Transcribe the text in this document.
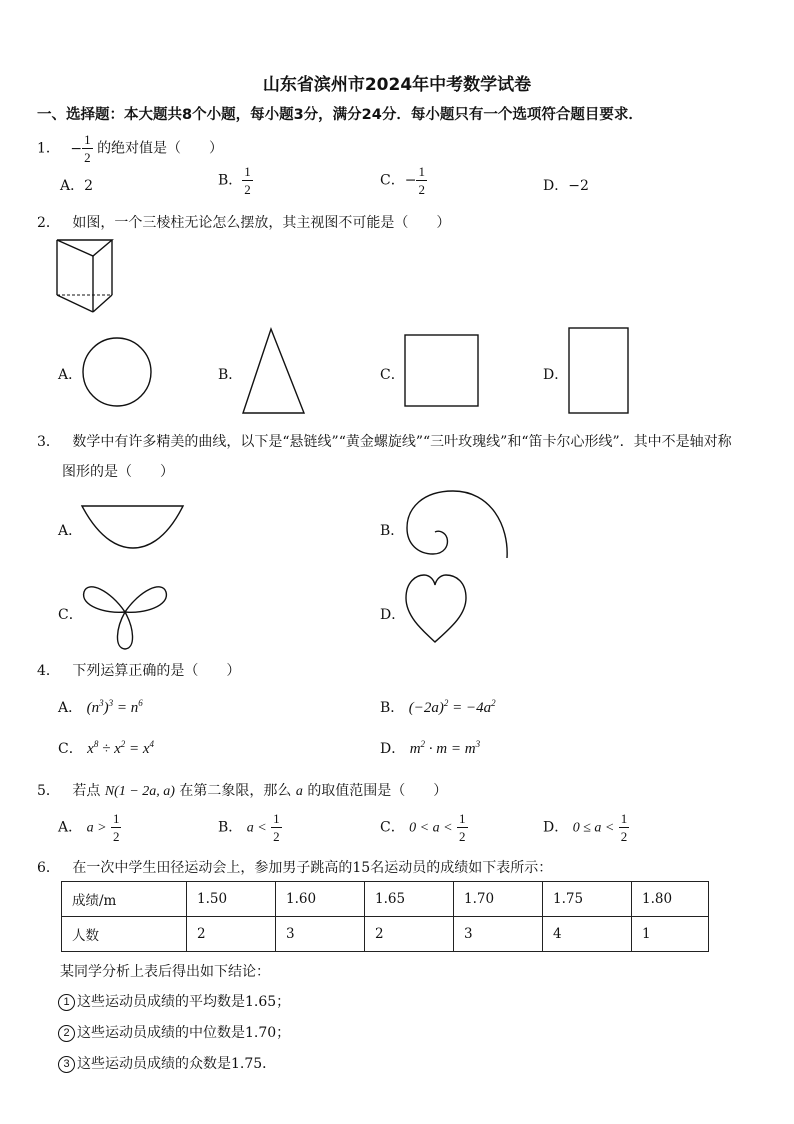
山东省滨州市2024年中考数学试卷
一、选择题：本大题共8个小题，每小题3分，满分24分．每小题只有一个选项符合题目要求．
1． − $\frac{1}{2}$ 的绝对值是（　　）
A．2	B． $\frac{1}{2}$	C．− $\frac{1}{2}$	D．−2
2． 如图，一个三棱柱无论怎么摆放，其主视图不可能是（　　）
A．	B．	C．	D．
3． 数学中有许多精美的曲线，以下是“悬链线”“黄金螺旋线”“三叶玫瑰线”和“笛卡尔心形线”．其中不是轴对称
图形的是（　　）
A．	B．
C．	D．
4． 下列运算正确的是（　　）
A． $(n^3)^3 = n^6$	B． $(-2a)^2 = -4a^2$
C． $x^8 \div x^2 = x^4$	D． $m^2 \cdot m = m^3$
5． 若点 N(1 − 2a, a) 在第二象限，那么 a 的取值范围是（　　）
A． $a > \frac{1}{2}$	B． $a < \frac{1}{2}$	C． $0 < a < \frac{1}{2}$	D． $0 \le a < \frac{1}{2}$
6． 在一次中学生田径运动会上，参加男子跳高的15名运动员的成绩如下表所示：
成绩/m	1.50	1.60	1.65	1.70	1.75	1.80
人数	2	3	2	3	4	1
某同学分析上表后得出如下结论：
1 这些运动员成绩的平均数是1.65；
2 这些运动员成绩的中位数是1.70；
3 这些运动员成绩的众数是1.75．
